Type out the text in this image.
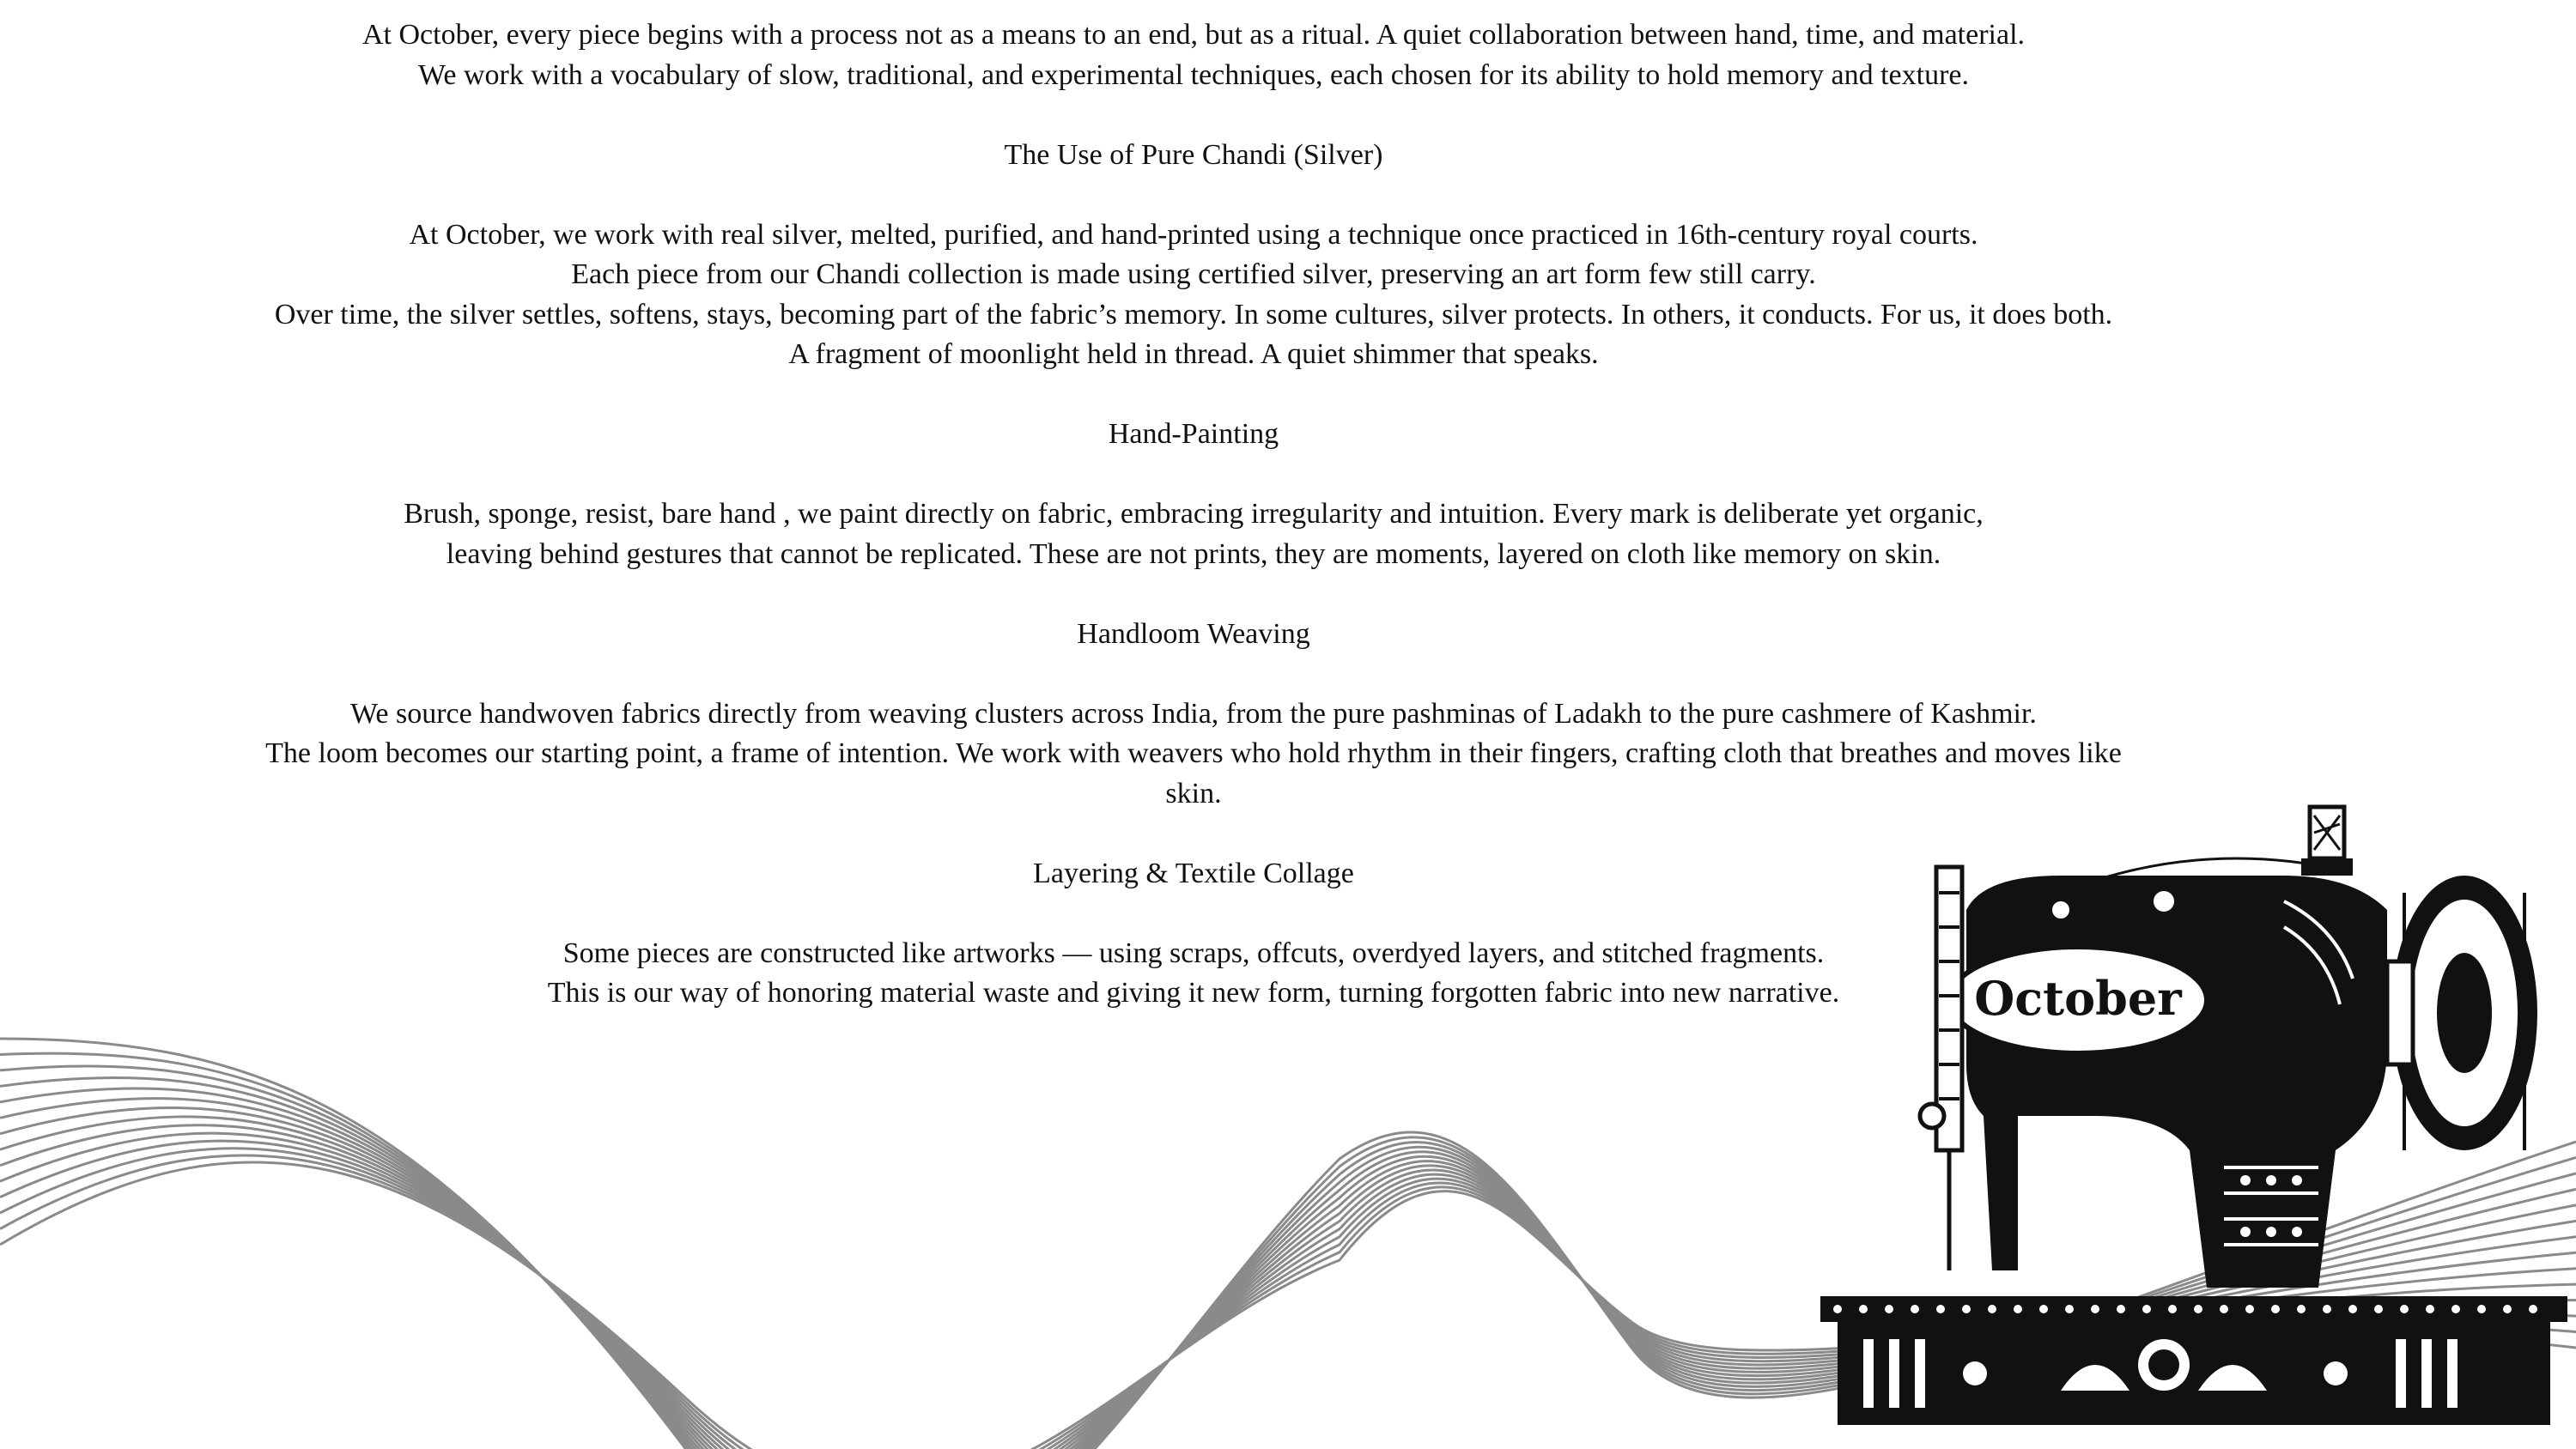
At October, every piece begins with a process not as a means to an end, but as a ritual. A quiet collaboration between hand, time, and material.

We work with a vocabulary of slow, traditional, and experimental techniques, each chosen for its ability to hold memory and texture.

The Use of Pure Chandi (Silver)

At October, we work with real silver, melted, purified, and hand-printed using a technique once practiced in 16th-century royal courts.

Each piece from our Chandi collection is made using certified silver, preserving an art form few still carry.

Over time, the silver settles, softens, stays, becoming part of the fabric’s memory. In some cultures, silver protects. In others, it conducts. For us, it does both.

A fragment of moonlight held in thread. A quiet shimmer that speaks.

Hand-Painting

Brush, sponge, resist, bare hand , we paint directly on fabric, embracing irregularity and intuition. Every mark is deliberate yet organic,

leaving behind gestures that cannot be replicated. These are not prints, they are moments, layered on cloth like memory on skin.

Handloom Weaving

We source handwoven fabrics directly from weaving clusters across India, from the pure pashminas of Ladakh to the pure cashmere of Kashmir.

The loom becomes our starting point, a frame of intention. We work with weavers who hold rhythm in their fingers, crafting cloth that breathes and moves like skin.

Layering & Textile Collage

Some pieces are constructed like artworks — using scraps, offcuts, overdyed layers, and stitched fragments.

This is our way of honoring material waste and giving it new form, turning forgotten fabric into new narrative.	October
